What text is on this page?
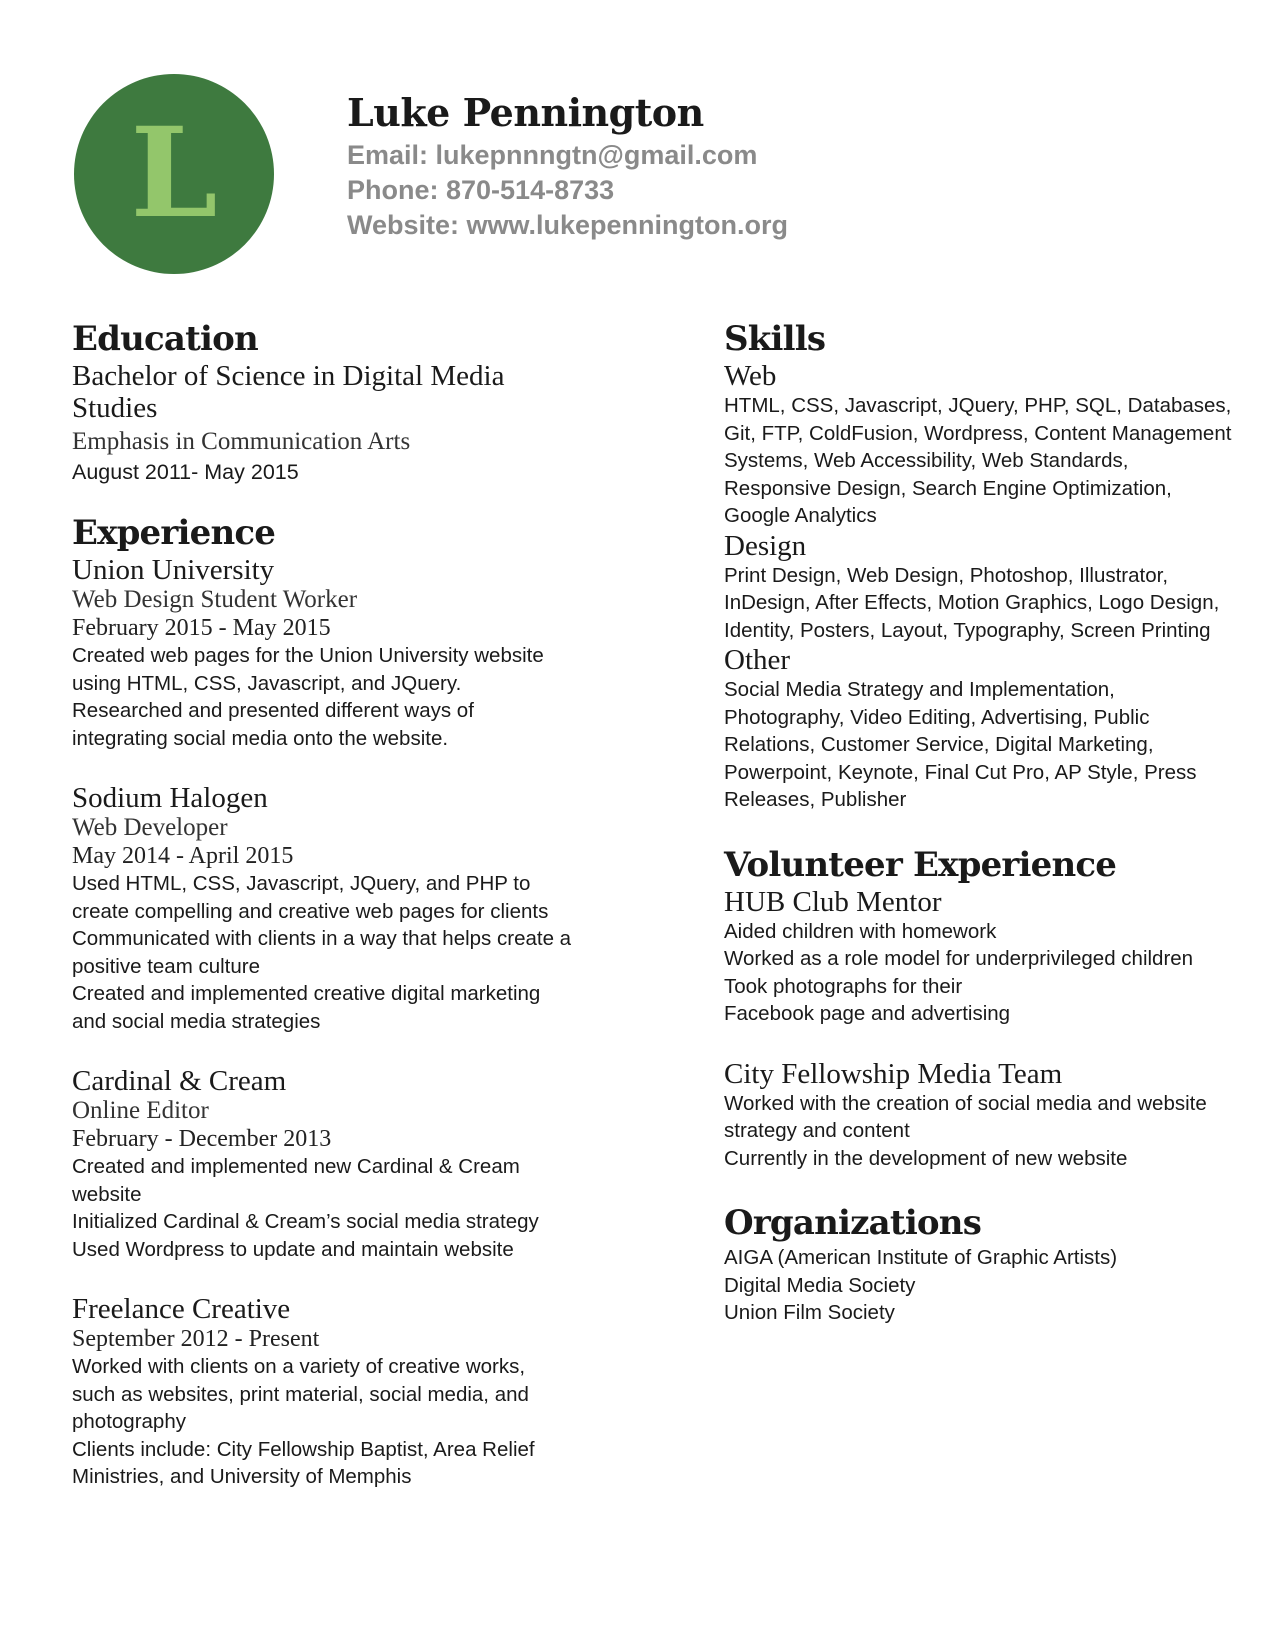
L	Luke Pennington
Email: lukepnnngtn@gmail.com
Phone: 870-514-8733
Website: www.lukepennington.org
Education
Bachelor of Science in Digital Media Studies
Emphasis in Communication Arts
August 2011- May 2015
Experience
Union University
Web Design Student Worker
February 2015 - May 2015
Created web pages for the Union University website using HTML, CSS, Javascript, and JQuery.
Researched and presented different ways of integrating social media onto the website.
Sodium Halogen
Web Developer
May 2014 - April 2015
Used HTML, CSS, Javascript, JQuery, and PHP to create compelling and creative web pages for clients
Communicated with clients in a way that helps create a positive team culture
Created and implemented creative digital marketing and social media strategies
Cardinal & Cream
Online Editor
February - December 2013
Created and implemented new Cardinal & Cream website
Initialized Cardinal & Cream’s social media strategy
Used Wordpress to update and maintain website
Freelance Creative
September 2012 - Present
Worked with clients on a variety of creative works, such as websites, print material, social media, and photography
Clients include: City Fellowship Baptist, Area Relief Ministries, and University of Memphis
Skills
Web
HTML, CSS, Javascript, JQuery, PHP, SQL, Databases, Git, FTP, ColdFusion, Wordpress, Content Management Systems, Web Accessibility, Web Standards, Responsive Design, Search Engine Optimization, Google Analytics
Design
Print Design, Web Design, Photoshop, Illustrator, InDesign, After Effects, Motion Graphics, Logo Design, Identity, Posters, Layout, Typography, Screen Printing
Other
Social Media Strategy and Implementation, Photography, Video Editing, Advertising, Public Relations, Customer Service, Digital Marketing, Powerpoint, Keynote, Final Cut Pro, AP Style, Press Releases, Publisher
Volunteer Experience
HUB Club Mentor
Aided children with homework
Worked as a role model for underprivileged children
Took photographs for their Facebook page and advertising
City Fellowship Media Team
Worked with the creation of social media and website strategy and content
Currently in the development of new website
Organizations
AIGA (American Institute of Graphic Artists)
Digital Media Society
Union Film Society
